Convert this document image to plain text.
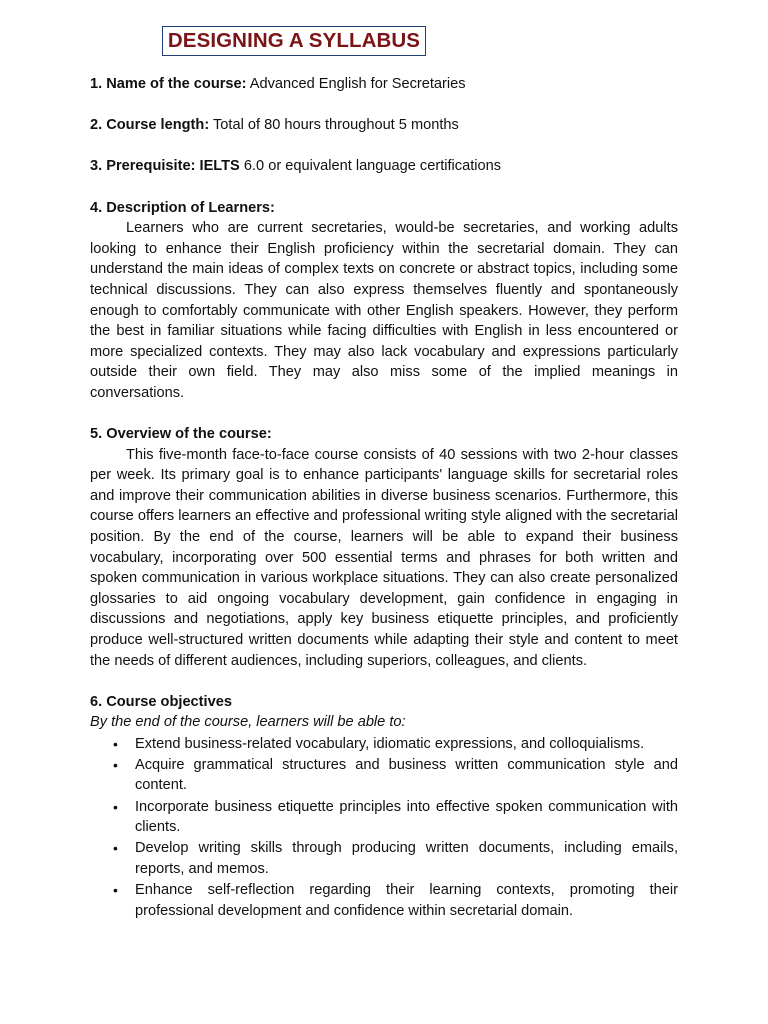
DESIGNING A SYLLABUS

1. Name of the course: Advanced English for Secretaries

2. Course length: Total of 80 hours throughout 5 months

3. Prerequisite: IELTS 6.0 or equivalent language certifications

4. Description of Learners:

Learners who are current secretaries, would-be secretaries, and working adults looking to enhance their English proficiency within the secretarial domain. They can understand the main ideas of complex texts on concrete or abstract topics, including some technical discussions. They can also express themselves fluently and spontaneously enough to comfortably communicate with other English speakers. However, they perform the best in familiar situations while facing difficulties with English in less encountered or more specialized contexts. They may also lack vocabulary and expressions particularly outside their own field. They may also miss some of the implied meanings in conversations.

5. Overview of the course:

This five-month face-to-face course consists of 40 sessions with two 2-hour classes per week. Its primary goal is to enhance participants' language skills for secretarial roles and improve their communication abilities in diverse business scenarios. Furthermore, this course offers learners an effective and professional writing style aligned with the secretarial position. By the end of the course, learners will be able to expand their business vocabulary, incorporating over 500 essential terms and phrases for both written and spoken communication in various workplace situations. They can also create personalized glossaries to aid ongoing vocabulary development, gain confidence in engaging in discussions and negotiations, apply key business etiquette principles, and proficiently produce well-structured written documents while adapting their style and content to meet the needs of different audiences, including superiors, colleagues, and clients.

6. Course objectives

By the end of the course, learners will be able to:

• Extend business-related vocabulary, idiomatic expressions, and colloquialisms.
• Acquire grammatical structures and business written communication style and content.
• Incorporate business etiquette principles into effective spoken communication with clients.
• Develop writing skills through producing written documents, including emails, reports, and memos.
• Enhance self-reflection regarding their learning contexts, promoting their professional development and confidence within secretarial domain.
